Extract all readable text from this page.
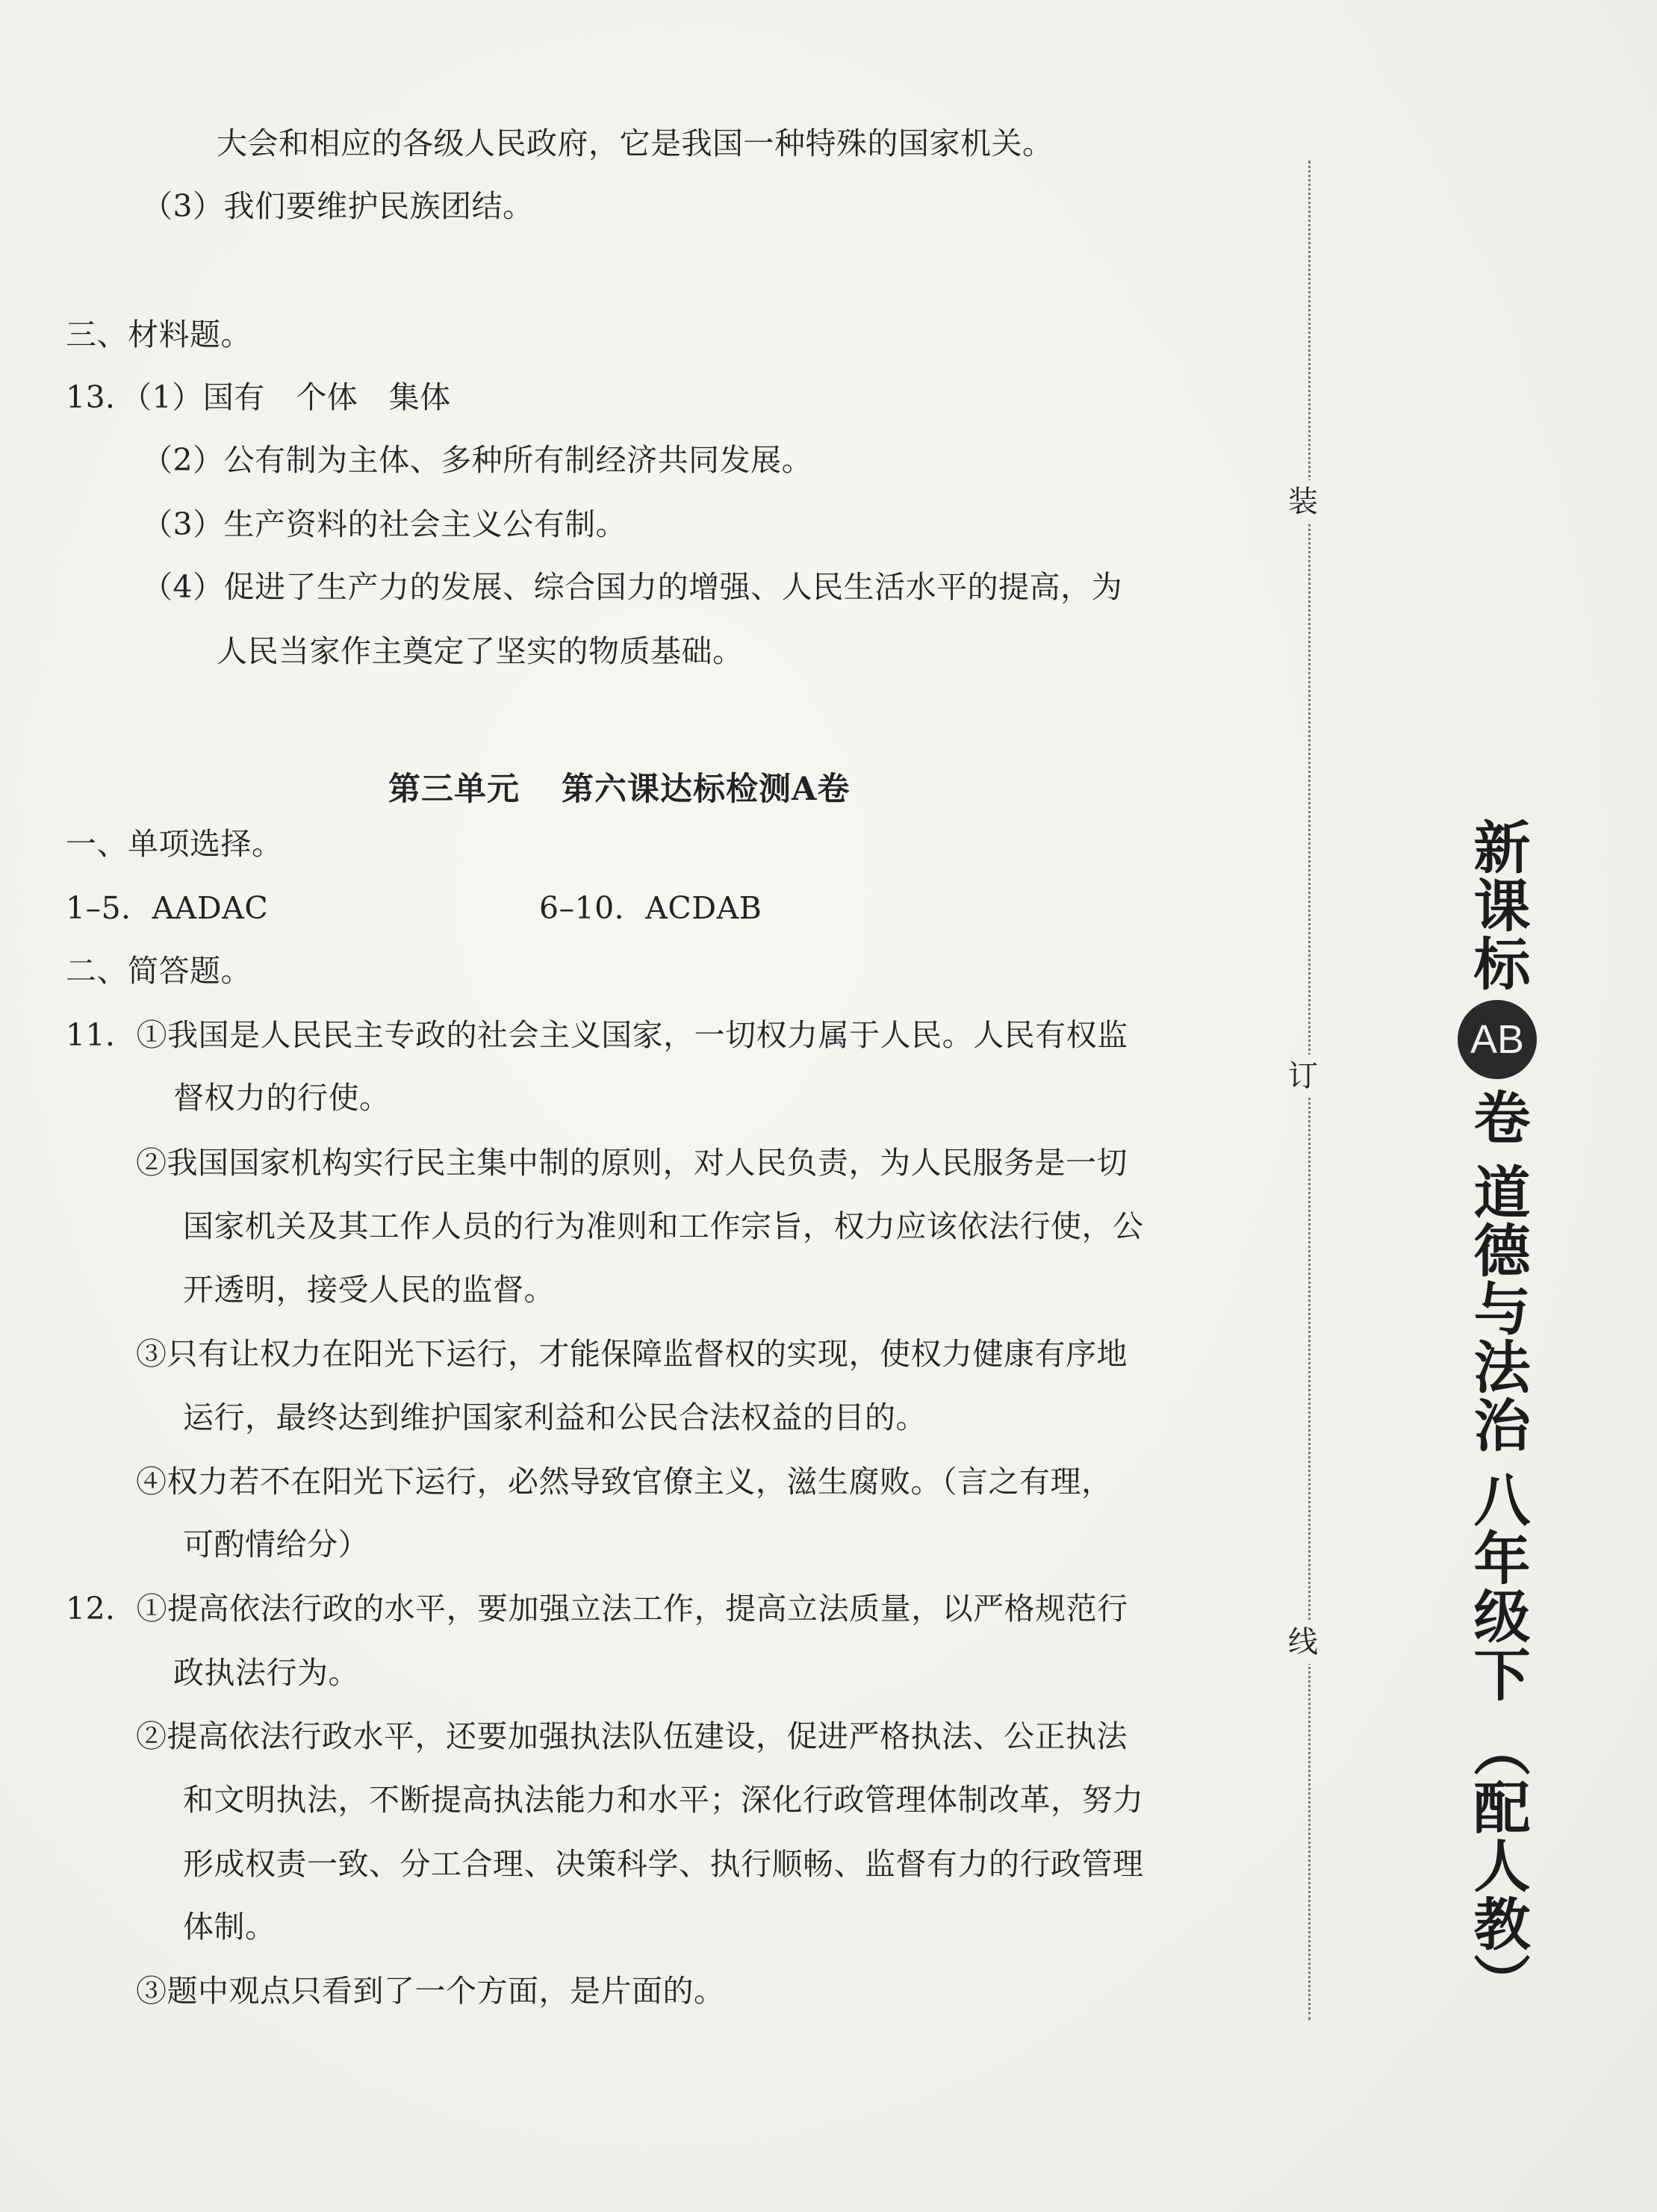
大会和相应的各级人民政府，它是我国一种特殊的国家机关。
（3）我们要维护民族团结。
三、材料题。
13．（1）国有　个体　集体
（2）公有制为主体、多种所有制经济共同发展。
（3）生产资料的社会主义公有制。
（4）促进了生产力的发展、综合国力的增强、人民生活水平的提高，为
人民当家作主奠定了坚实的物质基础。
第三单元 第六课达标检测A卷
一、单项选择。
1–5．AADAC	6–10．ACDAB
二、简答题。
11．①我国是人民民主专政的社会主义国家，一切权力属于人民。人民有权监
督权力的行使。
②我国国家机构实行民主集中制的原则，对人民负责，为人民服务是一切
国家机关及其工作人员的行为准则和工作宗旨，权力应该依法行使，公
开透明，接受人民的监督。
③只有让权力在阳光下运行，才能保障监督权的实现，使权力健康有序地
运行，最终达到维护国家利益和公民合法权益的目的。
④权力若不在阳光下运行，必然导致官僚主义，滋生腐败。（言之有理，
可酌情给分）
12．①提高依法行政的水平，要加强立法工作，提高立法质量，以严格规范行
政执法行为。
②提高依法行政水平，还要加强执法队伍建设，促进严格执法、公正执法
和文明执法，不断提高执法能力和水平；深化行政管理体制改革，努力
形成权责一致、分工合理、决策科学、执行顺畅、监督有力的行政管理
体制。
③题中观点只看到了一个方面，是片面的。
装
订
线
新课标
AB
卷
道德与法治
八年级下
（配人教）
